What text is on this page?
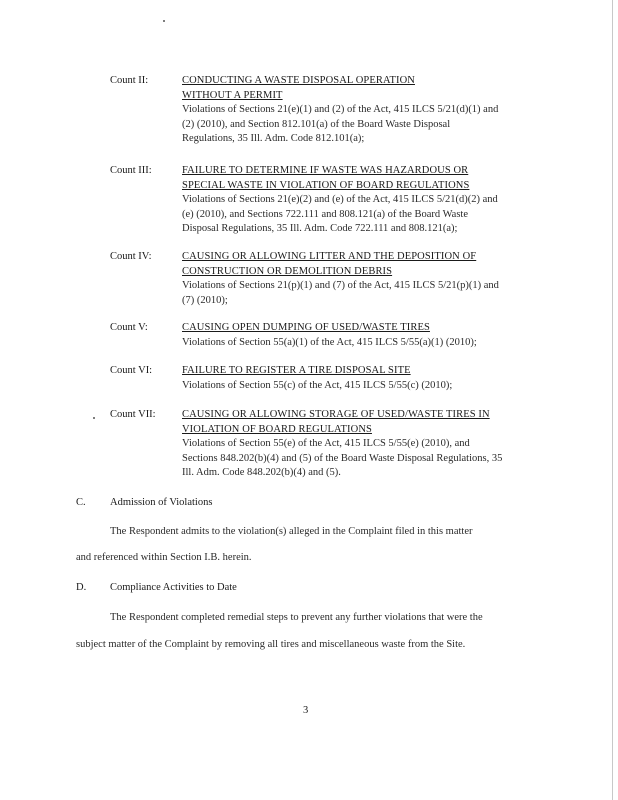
Count II:	CONDUCTING A WASTE DISPOSAL OPERATION
WITHOUT A PERMIT
Violations of Sections 21(e)(1) and (2) of the Act, 415 ILCS 5/21(d)(1) and
(2) (2010), and Section 812.101(a) of the Board Waste Disposal
Regulations, 35 Ill. Adm. Code 812.101(a);
Count III:	FAILURE TO DETERMINE IF WASTE WAS HAZARDOUS OR
SPECIAL WASTE IN VIOLATION OF BOARD REGULATIONS
Violations of Sections 21(e)(2) and (e) of the Act, 415 ILCS 5/21(d)(2) and
(e) (2010), and Sections 722.111 and 808.121(a) of the Board Waste
Disposal Regulations, 35 Ill. Adm. Code 722.111 and 808.121(a);
Count IV:	CAUSING OR ALLOWING LITTER AND THE DEPOSITION OF
CONSTRUCTION OR DEMOLITION DEBRIS
Violations of Sections 21(p)(1) and (7) of the Act, 415 ILCS 5/21(p)(1) and
(7) (2010);
Count V:	CAUSING OPEN DUMPING OF USED/WASTE TIRES
Violations of Section 55(a)(1) of the Act, 415 ILCS 5/55(a)(1) (2010);
Count VI:	FAILURE TO REGISTER A TIRE DISPOSAL SITE
Violations of Section 55(c) of the Act, 415 ILCS 5/55(c) (2010);
Count VII:	CAUSING OR ALLOWING STORAGE OF USED/WASTE TIRES IN
VIOLATION OF BOARD REGULATIONS
Violations of Section 55(e) of the Act, 415 ILCS 5/55(e) (2010), and
Sections 848.202(b)(4) and (5) of the Board Waste Disposal Regulations, 35
Ill. Adm. Code 848.202(b)(4) and (5).
C. Admission of Violations
The Respondent admits to the violation(s) alleged in the Complaint filed in this matter
and referenced within Section I.B. herein.
D. Compliance Activities to Date
The Respondent completed remedial steps to prevent any further violations that were the
subject matter of the Complaint by removing all tires and miscellaneous waste from the Site.
3
